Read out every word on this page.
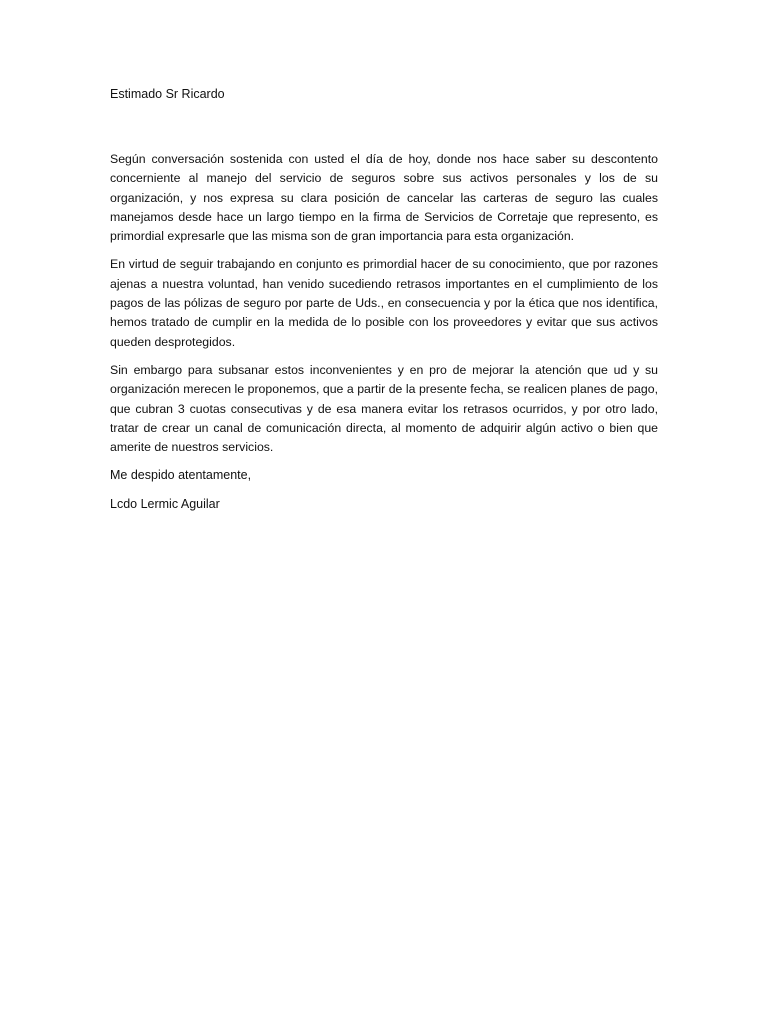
Estimado Sr Ricardo

Según conversación sostenida con usted el día de hoy, donde nos hace saber su descontento concerniente al manejo del servicio de seguros sobre sus activos personales y los de su organización, y nos expresa su clara posición de cancelar las carteras de seguro las cuales manejamos desde hace un largo tiempo en la firma de Servicios de Corretaje que represento, es primordial expresarle que las misma son de gran importancia para esta organización.

En virtud de seguir trabajando en conjunto es primordial hacer de su conocimiento, que por razones ajenas a nuestra voluntad, han venido sucediendo retrasos importantes en el cumplimiento de los pagos de las pólizas de seguro por parte de Uds., en consecuencia y por la ética que nos identifica, hemos tratado de cumplir en la medida de lo posible con los proveedores y evitar que sus activos queden desprotegidos.

Sin embargo para subsanar estos inconvenientes y en pro de mejorar la atención que ud y su organización merecen le proponemos, que a partir de la presente fecha, se realicen planes de pago, que cubran 3 cuotas consecutivas y de esa manera evitar los retrasos ocurridos, y por otro lado, tratar de crear un canal de comunicación directa, al momento de adquirir algún activo o bien que amerite de nuestros servicios.

Me despido atentamente,

Lcdo Lermic Aguilar
